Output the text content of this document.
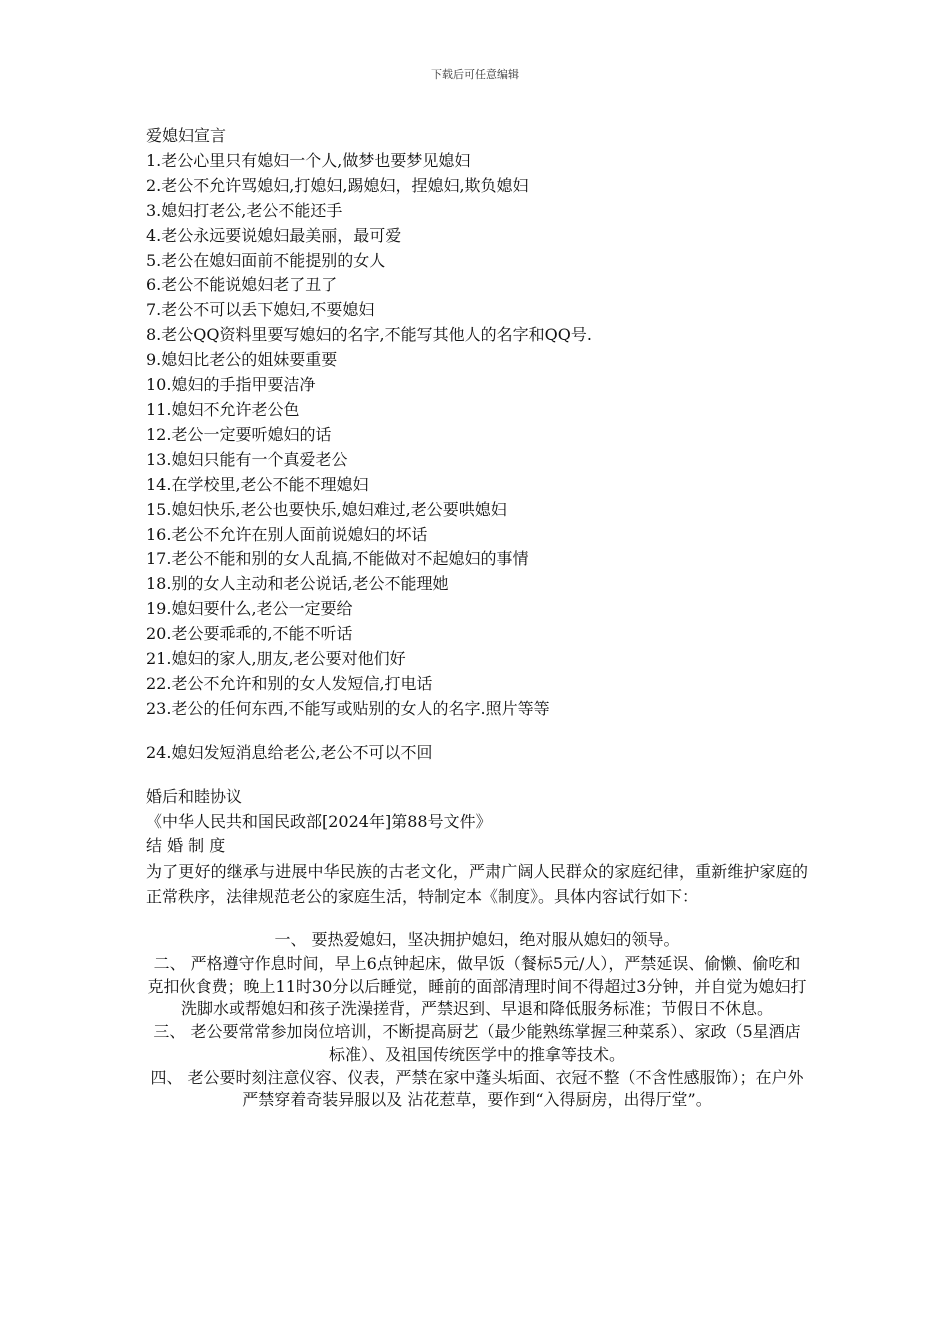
下载后可任意编辑
爱媳妇宣言
1.老公心里只有媳妇一个人,做梦也要梦见媳妇
2.老公不允许骂媳妇,打媳妇,踢媳妇，捏媳妇,欺负媳妇
3.媳妇打老公,老公不能还手
4.老公永远要说媳妇最美丽，最可爱
5.老公在媳妇面前不能提别的女人
6.老公不能说媳妇老了丑了
7.老公不可以丢下媳妇,不要媳妇
8.老公QQ资料里要写媳妇的名字,不能写其他人的名字和QQ号.
9.媳妇比老公的姐妹要重要
10.媳妇的手指甲要洁净
11.媳妇不允许老公色
12.老公一定要听媳妇的话
13.媳妇只能有一个真爱老公
14.在学校里,老公不能不理媳妇
15.媳妇快乐,老公也要快乐,媳妇难过,老公要哄媳妇
16.老公不允许在别人面前说媳妇的坏话
17.老公不能和别的女人乱搞,不能做对不起媳妇的事情
18.别的女人主动和老公说话,老公不能理她
19.媳妇要什么,老公一定要给
20.老公要乖乖的,不能不听话
21.媳妇的家人,朋友,老公要对他们好
22.老公不允许和别的女人发短信,打电话
23.老公的任何东西,不能写或贴别的女人的名字.照片等等
24.媳妇发短消息给老公,老公不可以不回
婚后和睦协议
《中华人民共和国民政部[2024年]第88号文件》
结 婚 制 度
为了更好的继承与进展中华民族的古老文化，严肃广阔人民群众的家庭纪律，重新维护家庭的正常秩序，法律规范老公的家庭生活，特制定本《制度》。具体内容试行如下：
一、 要热爱媳妇，坚决拥护媳妇，绝对服从媳妇的领导。
二、 严格遵守作息时间，早上6点钟起床，做早饭（餐标5元/人），严禁延误、偷懒、偷吃和克扣伙食费；晚上11时30分以后睡觉，睡前的面部清理时间不得超过3分钟，并自觉为媳妇打洗脚水或帮媳妇和孩子洗澡搓背，严禁迟到、早退和降低服务标准；节假日不休息。
三、 老公要常常参加岗位培训，不断提高厨艺（最少能熟练掌握三种菜系）、家政（5星酒店标准）、及祖国传统医学中的推拿等技术。
四、 老公要时刻注意仪容、仪表，严禁在家中蓬头垢面、衣冠不整（不含性感服饰）；在户外严禁穿着奇装异服以及 沾花惹草，要作到“入得厨房，出得厅堂”。
